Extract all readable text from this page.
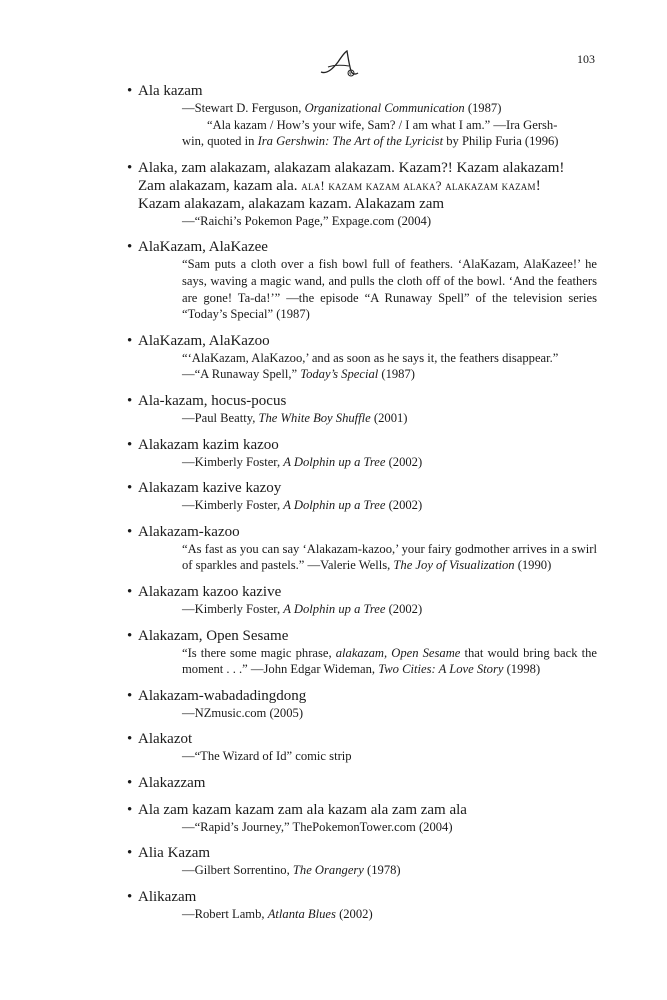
A
103
• Ala kazam
—Stewart D. Ferguson, Organizational Communication (1987)
“Ala kazam / How’s your wife, Sam? / I am what I am.” —Ira Gersh-
win, quoted in Ira Gershwin: The Art of the Lyricist by Philip Furia (1996)
• Alaka, zam alakazam, alakazam alakazam. Kazam?! Kazam alakazam!
Zam alakazam, kazam ala. ala! kazam kazam alaka? alakazam kazam!
Kazam alakazam, alakazam kazam. Alakazam zam
—“Raichi’s Pokemon Page,” Expage.com (2004)
• AlaKazam, AlaKazee
“Sam puts a cloth over a fish bowl full of feathers. ‘AlaKazam, AlaKazee!’ he says, waving a magic wand, and pulls the cloth off of the bowl. ‘And the feathers are gone! Ta-da!’” —the episode “A Runaway Spell” of the television series “Today’s Special” (1987)
• AlaKazam, AlaKazoo
“‘AlaKazam, AlaKazoo,’ and as soon as he says it, the feathers disappear.”
—“A Runaway Spell,” Today’s Special (1987)
• Ala-kazam, hocus-pocus
—Paul Beatty, The White Boy Shuffle (2001)
• Alakazam kazim kazoo
—Kimberly Foster, A Dolphin up a Tree (2002)
• Alakazam kazive kazoy
—Kimberly Foster, A Dolphin up a Tree (2002)
• Alakazam-kazoo
“As fast as you can say ‘Alakazam-kazoo,’ your fairy godmother arrives in a swirl of sparkles and pastels.” —Valerie Wells, The Joy of Visualization (1990)
• Alakazam kazoo kazive
—Kimberly Foster, A Dolphin up a Tree (2002)
• Alakazam, Open Sesame
“Is there some magic phrase, alakazam, Open Sesame that would bring back the moment . . .” —John Edgar Wideman, Two Cities: A Love Story (1998)
• Alakazam-wabadadingdong
—NZmusic.com (2005)
• Alakazot
—“The Wizard of Id” comic strip
• Alakazzam
• Ala zam kazam kazam zam ala kazam ala zam zam ala
—“Rapid’s Journey,” ThePokemonTower.com (2004)
• Alia Kazam
—Gilbert Sorrentino, The Orangery (1978)
• Alikazam
—Robert Lamb, Atlanta Blues (2002)
